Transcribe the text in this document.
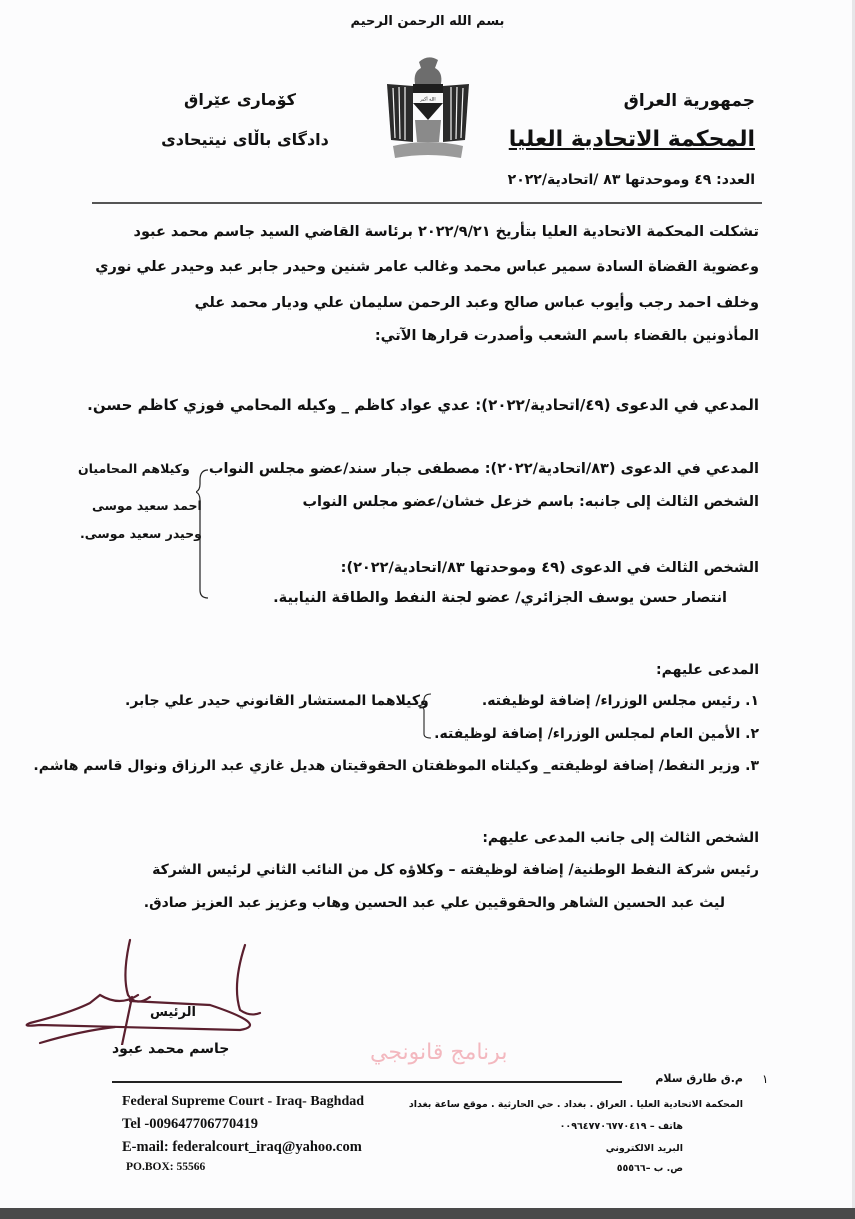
بسم الله الرحمن الرحيم
كۆماری عێراق
دادگای باڵای نیتیحادی
الله أكبر	جمهورية العراق
المحكمة الاتحادية العليا
العدد: ٤٩ وموحدتها ٨٣ /اتحادية/٢٠٢٢
تشكلت المحكمة الاتحادية العليا بتأريخ ٢٠٢٢/٩/٢١ برئاسة القاضي السيد جاسم محمد عبود
وعضوية القضاة السادة سمير عباس محمد وغالب عامر شنين وحيدر جابر عبد وحيدر علي نوري
وخلف احمد رجب وأيوب عباس صالح وعبد الرحمن سليمان علي وديار محمد علي
المأذونين بالقضاء باسم الشعب وأصدرت قرارها الآتي:
المدعي في الدعوى (٤٩/اتحادية/٢٠٢٢): عدي عواد كاظم _ وكيله المحامي فوزي كاظم حسن.
المدعي في الدعوى (٨٣/اتحادية/٢٠٢٢): مصطفى جبار سند/عضو مجلس النواب
الشخص الثالث إلى جانبه: باسم خزعل خشان/عضو مجلس النواب
وكيلاهم المحاميان
احمد سعيد موسى
وحيدر سعيد موسى.
الشخص الثالث في الدعوى (٤٩ وموحدتها ٨٣/اتحادية/٢٠٢٢):
انتصار حسن يوسف الجزائري/ عضو لجنة النفط والطاقة النيابية.
المدعى عليهم:
١. رئيس مجلس الوزراء/ إضافة لوظيفته.
وكيلاهما المستشار القانوني حيدر علي جابر.
٢. الأمين العام لمجلس الوزراء/ إضافة لوظيفته.
٣. وزير النفط/ إضافة لوظيفته_ وكيلتاه الموظفتان الحقوقيتان هديل غازي عبد الرزاق ونوال قاسم هاشم.
الشخص الثالث إلى جانب المدعى عليهم:
رئيس شركة النفط الوطنية/ إضافة لوظيفته – وكلاؤه كل من النائب الثاني لرئيس الشركة
ليث عبد الحسين الشاهر والحقوقيين علي عبد الحسين وهاب وعزيز عبد العزيز صادق.
الرئيس
جاسم محمد عبود	برنامج قانونجي
Federal Supreme Court - Iraq- Baghdad
Tel -009647706770419
E-mail: federalcourt_iraq@yahoo.com
PO.BOX: 55566
١
م.ق طارق سلام
المحكمة الاتحادية العليا . العراق . بغداد . حي الحارثية . موقع ساعة بغداد
هاتف – ٠٠٩٦٤٧٧٠٦٧٧٠٤١٩
البريد الالكتروني
ص. ب –٥٥٥٦٦
